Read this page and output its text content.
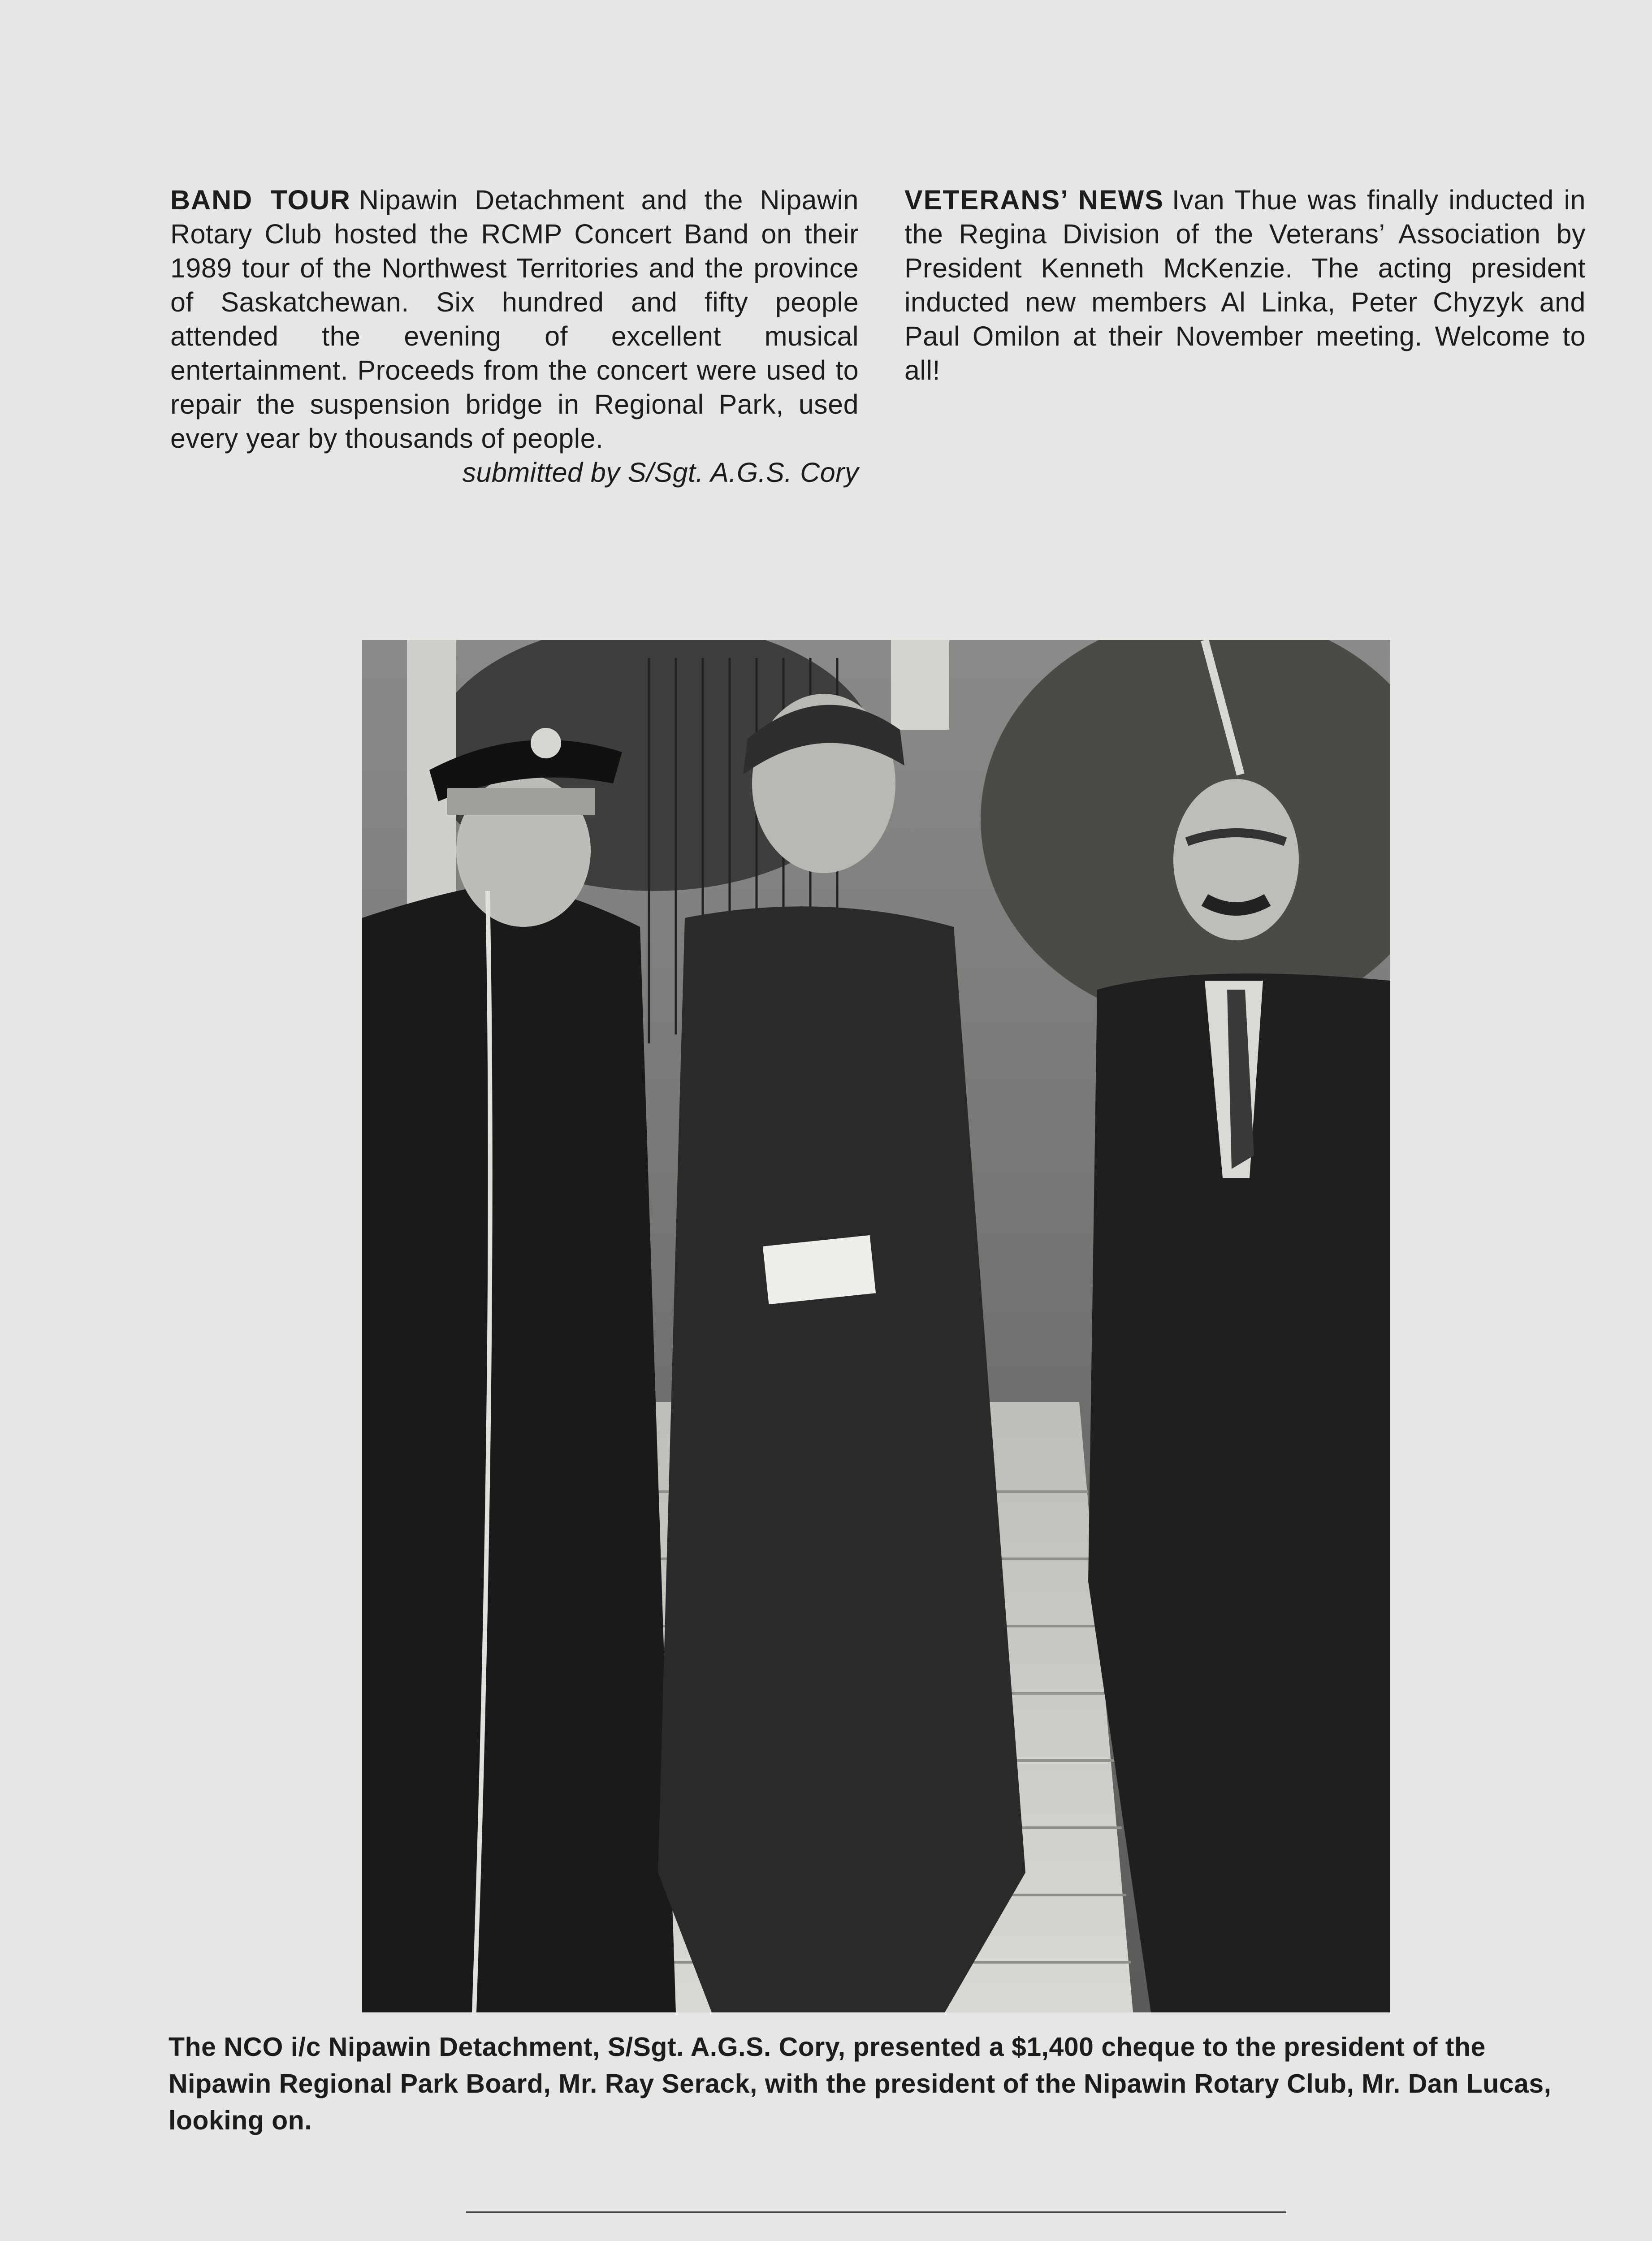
BAND TOUR Nipawin Detachment and the Nipawin Rotary Club hosted the RCMP Concert Band on their 1989 tour of the Northwest Territories and the province of Saskatchewan. Six hundred and fifty people attended the evening of excellent musical entertainment. Proceeds from the concert were used to repair the suspension bridge in Regional Park, used every year by thousands of people.
submitted by S/Sgt. A.G.S. Cory
VETERANS’ NEWS Ivan Thue was finally inducted in the Regina Division of the Veterans’ Association by President Kenneth McKenzie. The acting president inducted new members Al Linka, Peter Chyzyk and Paul Omilon at their November meeting. Welcome to all!
The NCO i/c Nipawin Detachment, S/Sgt. A.G.S. Cory, presented a $1,400 cheque to the president of the Nipawin Regional Park Board, Mr. Ray Serack, with the president of the Nipawin Rotary Club, Mr. Dan Lucas, looking on.
